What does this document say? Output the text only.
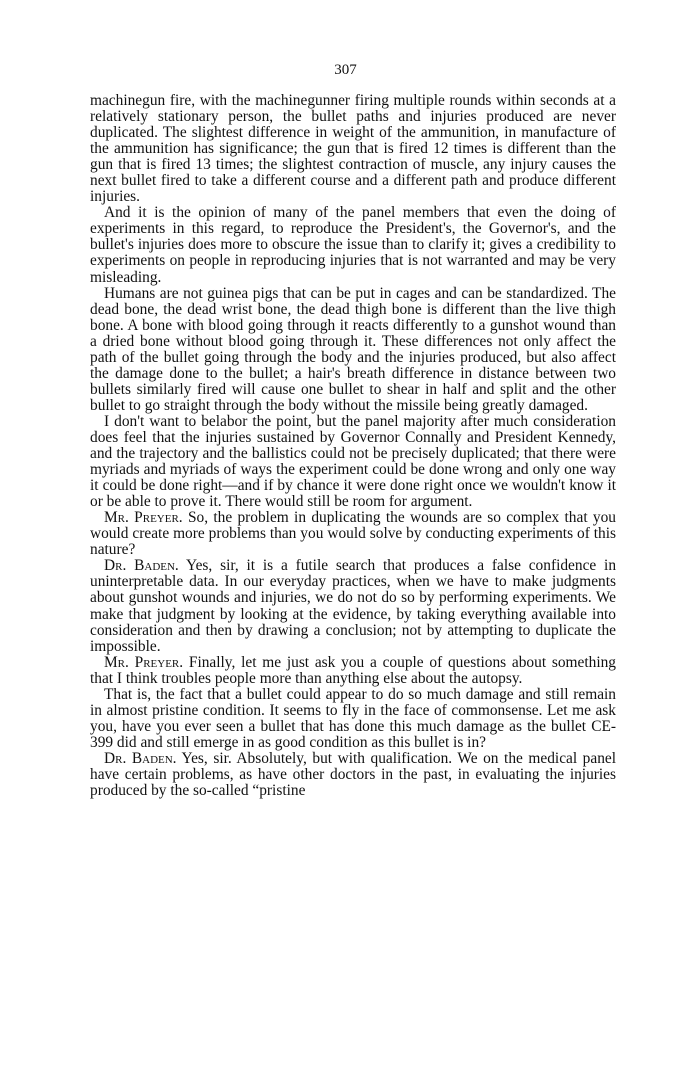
307

machinegun fire, with the machinegunner firing multiple rounds within seconds at a relatively stationary person, the bullet paths and injuries produced are never duplicated. The slightest difference in weight of the ammunition, in manufacture of the ammunition has significance; the gun that is fired 12 times is different than the gun that is fired 13 times; the slightest contraction of muscle, any injury causes the next bullet fired to take a different course and a different path and produce different injuries.

And it is the opinion of many of the panel members that even the doing of experiments in this regard, to reproduce the President's, the Governor's, and the bullet's injuries does more to obscure the issue than to clarify it; gives a credibility to experiments on people in reproducing injuries that is not warranted and may be very misleading.

Humans are not guinea pigs that can be put in cages and can be standardized. The dead bone, the dead wrist bone, the dead thigh bone is different than the live thigh bone. A bone with blood going through it reacts differently to a gunshot wound than a dried bone without blood going through it. These differences not only affect the path of the bullet going through the body and the injuries produced, but also affect the damage done to the bullet; a hair's breath difference in distance between two bullets similarly fired will cause one bullet to shear in half and split and the other bullet to go straight through the body without the missile being greatly damaged.

I don't want to belabor the point, but the panel majority after much consideration does feel that the injuries sustained by Governor Connally and President Kennedy, and the trajectory and the ballistics could not be precisely duplicated; that there were myriads and myriads of ways the experiment could be done wrong and only one way it could be done right—and if by chance it were done right once we wouldn't know it or be able to prove it. There would still be room for argument.

Mr. Preyer. So, the problem in duplicating the wounds are so complex that you would create more problems than you would solve by conducting experiments of this nature?

Dr. Baden. Yes, sir, it is a futile search that produces a false confidence in uninterpretable data. In our everyday practices, when we have to make judgments about gunshot wounds and injuries, we do not do so by performing experiments. We make that judgment by looking at the evidence, by taking everything available into consideration and then by drawing a conclusion; not by attempting to duplicate the impossible.

Mr. Preyer. Finally, let me just ask you a couple of questions about something that I think troubles people more than anything else about the autopsy.

That is, the fact that a bullet could appear to do so much damage and still remain in almost pristine condition. It seems to fly in the face of commonsense. Let me ask you, have you ever seen a bullet that has done this much damage as the bullet CE-399 did and still emerge in as good condition as this bullet is in?

Dr. Baden. Yes, sir. Absolutely, but with qualification. We on the medical panel have certain problems, as have other doctors in the past, in evaluating the injuries produced by the so-called “pristine
